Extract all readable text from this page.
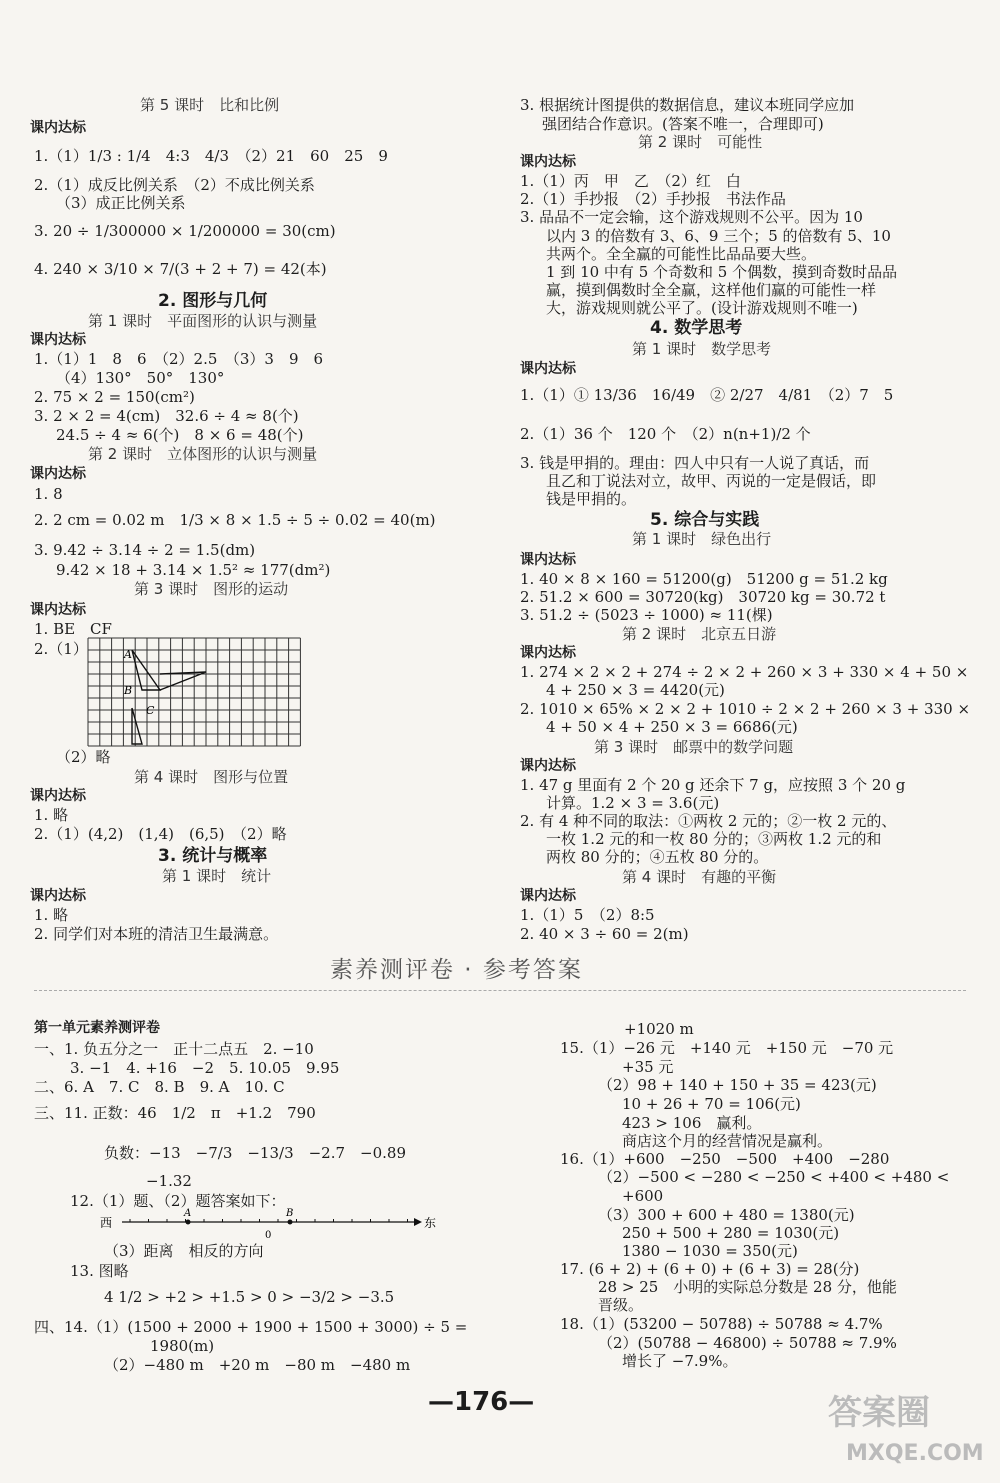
第 5 课时　比和比例
课内达标
1.（1）1/3 : 1/4　4:3　4/3　（2）21　60　25　9
2.（1）成反比例关系　（2）不成比例关系
（3）成正比例关系
3. 20 ÷ 1/300000 × 1/200000 = 30(cm)
4. 240 × 3/10 × 7/(3 + 2 + 7) = 42(本)
2. 图形与几何
第 1 课时　平面图形的认识与测量
课内达标
1.（1）1　8　6　（2）2.5　（3）3　9　6
（4）130°　50°　130°
2. 75 × 2 = 150(cm²)
3. 2 × 2 = 4(cm)　32.6 ÷ 4 ≈ 8(个)
24.5 ÷ 4 ≈ 6(个)　8 × 6 = 48(个)
第 2 课时　立体图形的认识与测量
课内达标
1. 8
2. 2 cm = 0.02 m　1/3 × 8 × 1.5 ÷ 5 ÷ 0.02 = 40(m)
3. 9.42 ÷ 3.14 ÷ 2 = 1.5(dm)
9.42 × 18 + 3.14 × 1.5² ≈ 177(dm²)
第 3 课时　图形的运动
课内达标
1. BE　CF
2.（1）
（2）略
第 4 课时　图形与位置
课内达标
1. 略
2.（1）(4,2)　(1,4)　(6,5)　（2）略
3. 统计与概率
第 1 课时　统计
课内达标
1. 略
2. 同学们对本班的清洁卫生最满意。
3. 根据统计图提供的数据信息，建议本班同学应加
强团结合作意识。(答案不唯一，合理即可)
第 2 课时　可能性
课内达标
1.（1）丙　甲　乙　（2）红　白
2.（1）手抄报　（2）手抄报　书法作品
3. 品品不一定会输，这个游戏规则不公平。因为 10
以内 3 的倍数有 3、6、9 三个；5 的倍数有 5、10
共两个。全全赢的可能性比品品要大些。
1 到 10 中有 5 个奇数和 5 个偶数，摸到奇数时品品
赢，摸到偶数时全全赢，这样他们赢的可能性一样
大，游戏规则就公平了。(设计游戏规则不唯一)
4. 数学思考
第 1 课时　数学思考
课内达标
1.（1）① 13/36　16/49　② 2/27　4/81　（2）7　5
2.（1）36 个　120 个　（2）n(n+1)/2 个
3. 钱是甲捐的。理由：四人中只有一人说了真话，而
且乙和丁说法对立，故甲、丙说的一定是假话，即
钱是甲捐的。
5. 综合与实践
第 1 课时　绿色出行
课内达标
1. 40 × 8 × 160 = 51200(g)　51200 g = 51.2 kg
2. 51.2 × 600 = 30720(kg)　30720 kg = 30.72 t
3. 51.2 ÷ (5023 ÷ 1000) ≈ 11(棵)
第 2 课时　北京五日游
课内达标
1. 274 × 2 × 2 + 274 ÷ 2 × 2 + 260 × 3 + 330 × 4 + 50 ×
4 + 250 × 3 = 4420(元)
2. 1010 × 65% × 2 × 2 + 1010 ÷ 2 × 2 + 260 × 3 + 330 ×
4 + 50 × 4 + 250 × 3 = 6686(元)
第 3 课时　邮票中的数学问题
课内达标
1. 47 g 里面有 2 个 20 g 还余下 7 g，应按照 3 个 20 g
计算。1.2 × 3 = 3.6(元)
2. 有 4 种不同的取法：①两枚 2 元的；②一枚 2 元的、
一枚 1.2 元的和一枚 80 分的；③两枚 1.2 元的和
两枚 80 分的；④五枚 80 分的。
第 4 课时　有趣的平衡
课内达标
1.（1）5　（2）8:5
2. 40 × 3 ÷ 60 = 2(m)
第一单元素养测评卷
一、1. 负五分之一　正十二点五　2. −10
3. −1　4. +16　−2　5. 10.05　9.95
二、6. A　7. C　8. B　9. A　10. C
三、11. 正数：46　1/2　π　+1.2　790
负数：−13　−7/3　−13/3　−2.7　−0.89
−1.32
12.（1）题、（2）题答案如下：
（3）距离　相反的方向
13. 图略
4 1/2 > +2 > +1.5 > 0 > −3/2 > −3.5
四、14.（1）(1500 + 2000 + 1900 + 1500 + 3000) ÷ 5 =
1980(m)
（2）−480 m　+20 m　−80 m　−480 m
+1020 m
15.（1）−26 元　+140 元　+150 元　−70 元
+35 元
（2）98 + 140 + 150 + 35 = 423(元)
10 + 26 + 70 = 106(元)
423 > 106　赢利。
商店这个月的经营情况是赢利。
16.（1）+600　−250　−500　+400　−280
（2）−500 < −280 < −250 < +400 < +480 <
+600
（3）300 + 600 + 480 = 1380(元)
250 + 500 + 280 = 1030(元)
1380 − 1030 = 350(元)
17. (6 + 2) + (6 + 0) + (6 + 3) = 28(分)
28 > 25　小明的实际总分数是 28 分，他能
晋级。
18.（1）(53200 − 50788) ÷ 50788 ≈ 4.7%
（2）(50788 − 46800) ÷ 50788 ≈ 7.9%
增长了 −7.9%。
A
B
C
西	东
A	B
0
素养测评卷 · 参考答案
—176—	答案圈
MXQE.COM
